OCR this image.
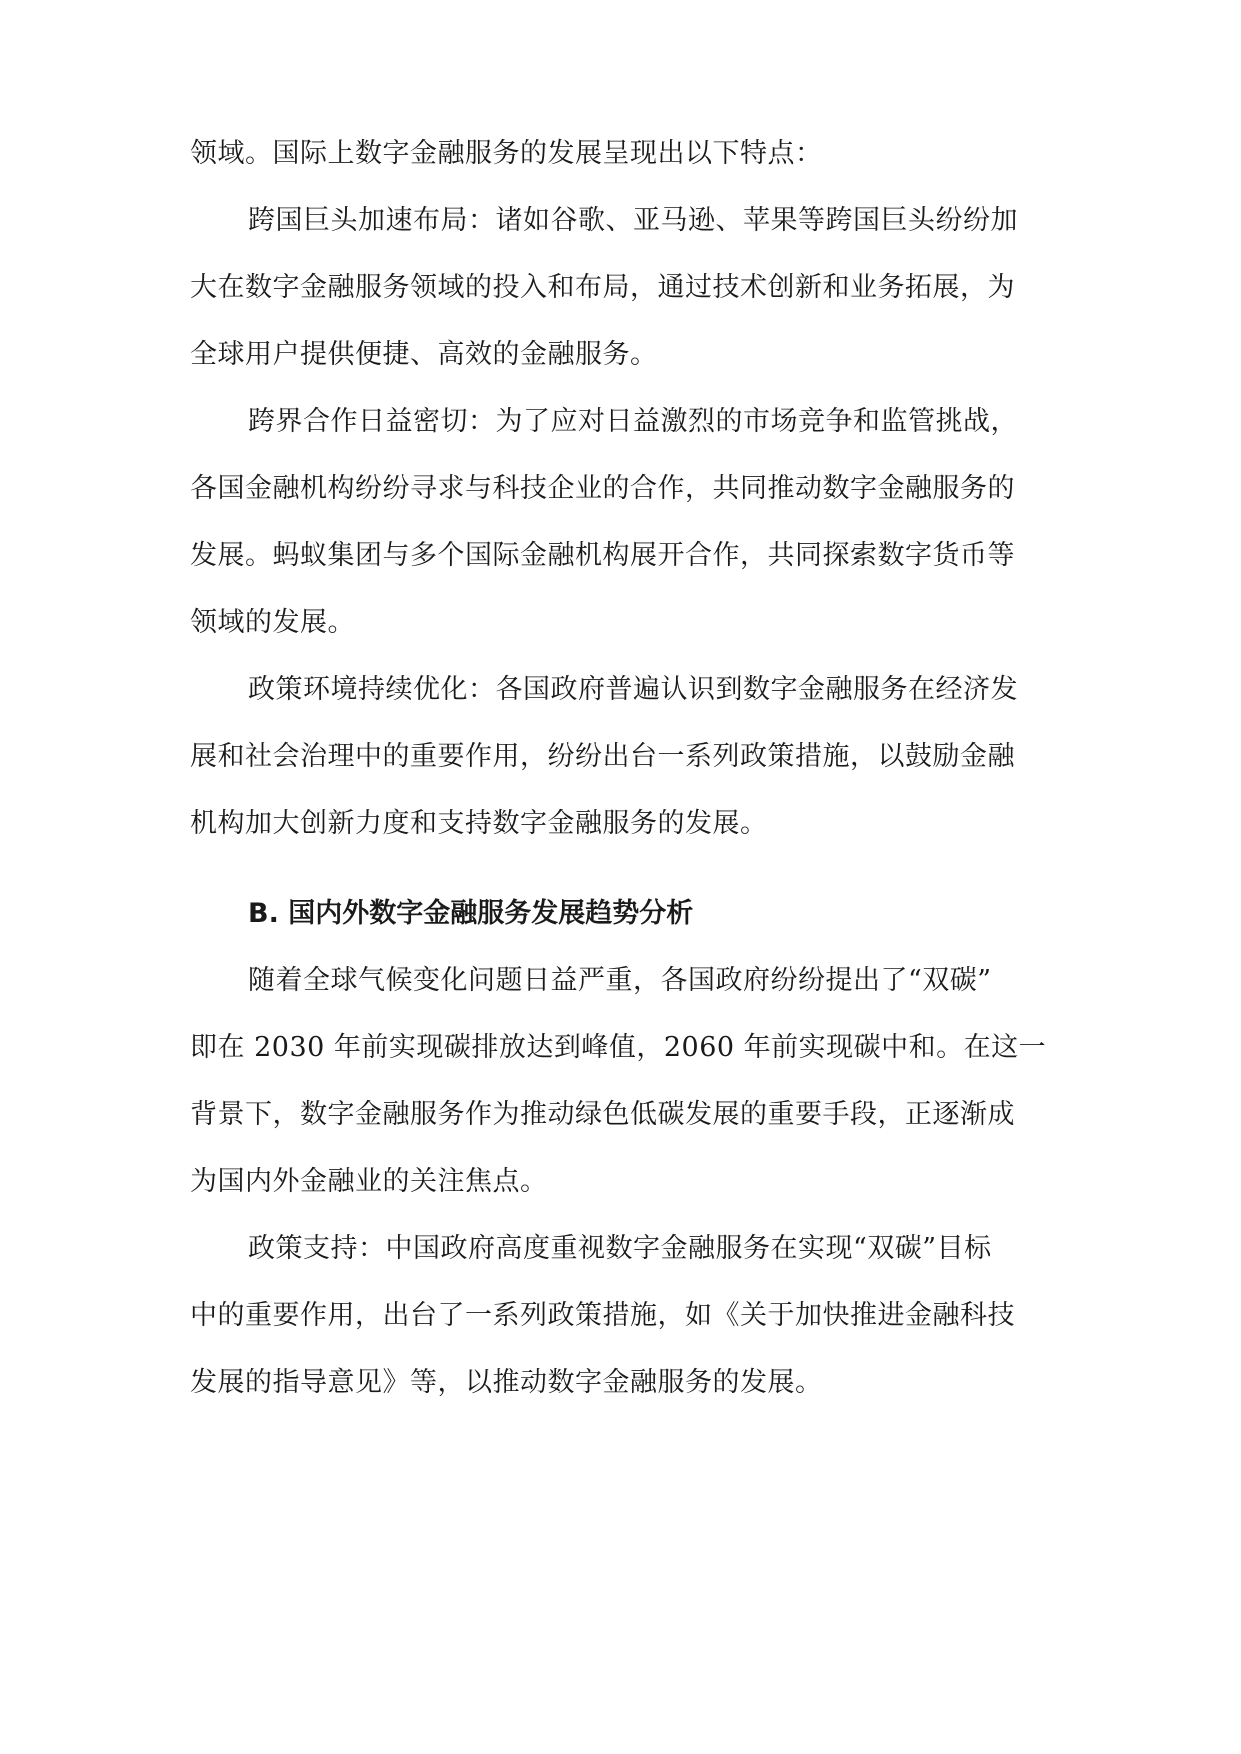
领域。国际上数字金融服务的发展呈现出以下特点：
跨国巨头加速布局：诸如谷歌、亚马逊、苹果等跨国巨头纷纷加
大在数字金融服务领域的投入和布局，通过技术创新和业务拓展，为
全球用户提供便捷、高效的金融服务。
跨界合作日益密切：为了应对日益激烈的市场竞争和监管挑战，
各国金融机构纷纷寻求与科技企业的合作，共同推动数字金融服务的
发展。蚂蚁集团与多个国际金融机构展开合作，共同探索数字货币等
领域的发展。
政策环境持续优化：各国政府普遍认识到数字金融服务在经济发
展和社会治理中的重要作用，纷纷出台一系列政策措施，以鼓励金融
机构加大创新力度和支持数字金融服务的发展。
B. 国内外数字金融服务发展趋势分析
随着全球气候变化问题日益严重，各国政府纷纷提出了“双碳”
即在 2030 年前实现碳排放达到峰值，2060 年前实现碳中和。在这一
背景下，数字金融服务作为推动绿色低碳发展的重要手段，正逐渐成
为国内外金融业的关注焦点。
政策支持：中国政府高度重视数字金融服务在实现“双碳”目标
中的重要作用，出台了一系列政策措施，如《关于加快推进金融科技
发展的指导意见》等，以推动数字金融服务的发展。
